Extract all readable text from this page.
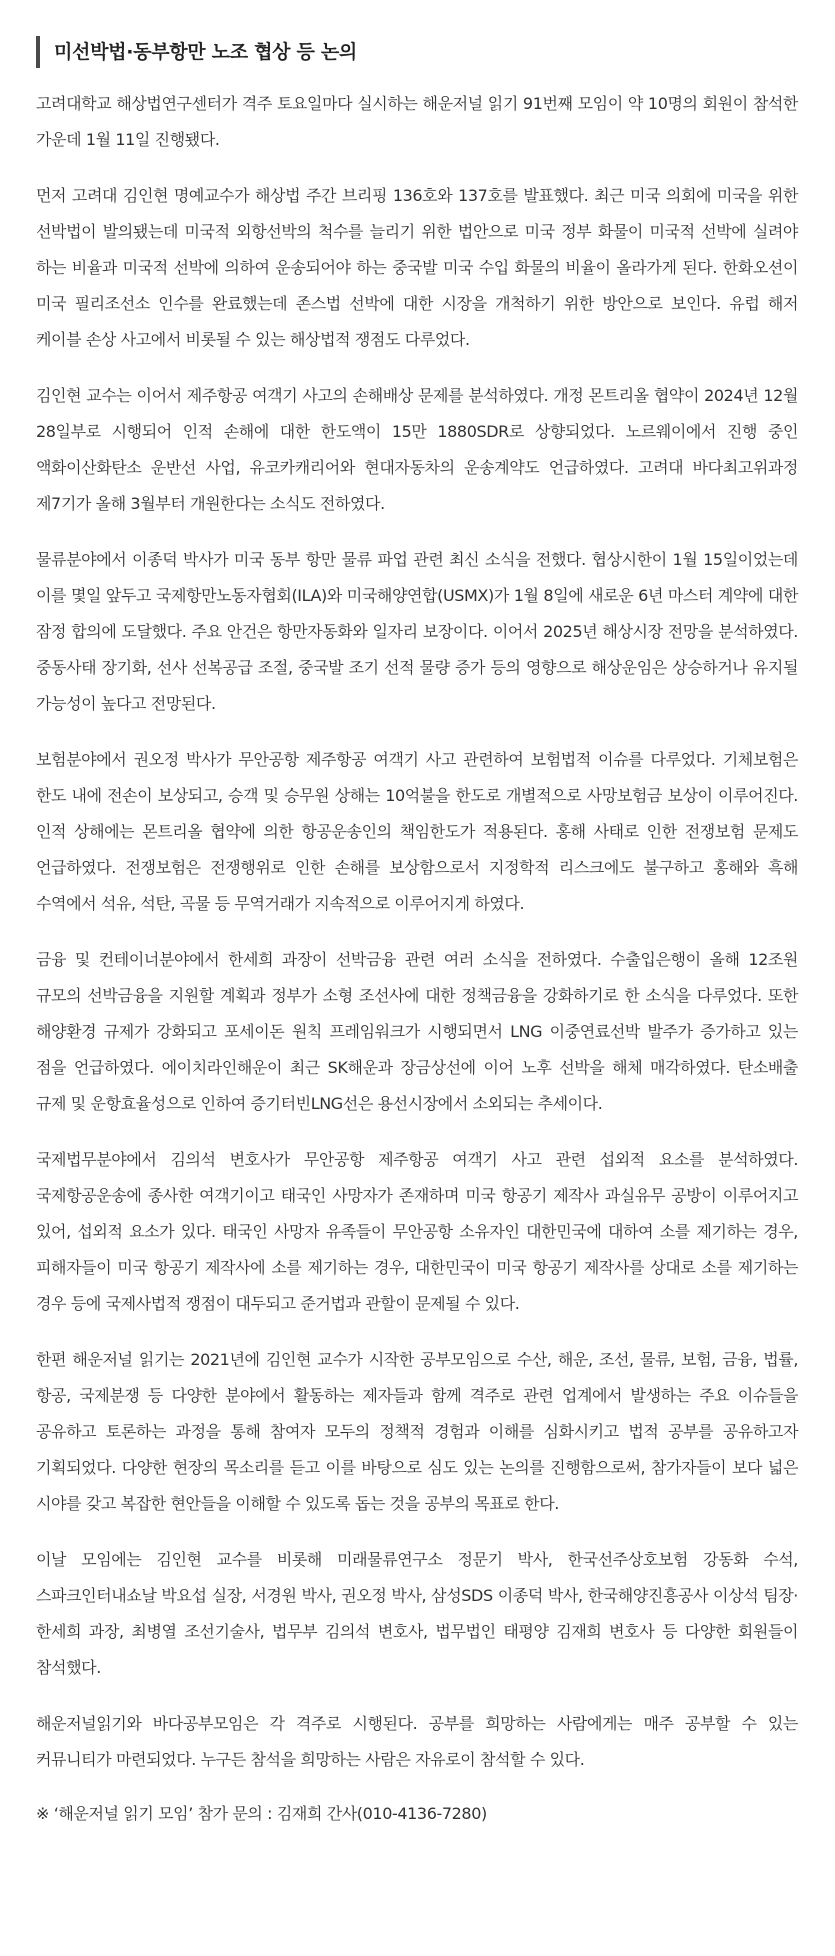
미선박법·동부항만 노조 협상 등 논의

고려대학교 해상법연구센터가 격주 토요일마다 실시하는 해운저널 읽기 91번째 모임이 약 10명의 회원이 참석한 가운데 1월 11일 진행됐다.

먼저 고려대 김인현 명예교수가 해상법 주간 브리핑 136호와 137호를 발표했다. 최근 미국 의회에 미국을 위한 선박법이 발의됐는데 미국적 외항선박의 척수를 늘리기 위한 법안으로 미국 정부 화물이 미국적 선박에 실려야 하는 비율과 미국적 선박에 의하여 운송되어야 하는 중국발 미국 수입 화물의 비율이 올라가게 된다. 한화오션이 미국 필리조선소 인수를 완료했는데 존스법 선박에 대한 시장을 개척하기 위한 방안으로 보인다. 유럽 해저 케이블 손상 사고에서 비롯될 수 있는 해상법적 쟁점도 다루었다.

김인현 교수는 이어서 제주항공 여객기 사고의 손해배상 문제를 분석하였다. 개정 몬트리올 협약이 2024년 12월 28일부로 시행되어 인적 손해에 대한 한도액이 15만 1880SDR로 상향되었다. 노르웨이에서 진행 중인 액화이산화탄소 운반선 사업, 유코카캐리어와 현대자동차의 운송계약도 언급하였다. 고려대 바다최고위과정 제7기가 올해 3월부터 개원한다는 소식도 전하였다.

물류분야에서 이종덕 박사가 미국 동부 항만 물류 파업 관련 최신 소식을 전했다. 협상시한이 1월 15일이었는데 이를 몇일 앞두고 국제항만노동자협회(ILA)와 미국해양연합(USMX)가 1월 8일에 새로운 6년 마스터 계약에 대한 잠정 합의에 도달했다. 주요 안건은 항만자동화와 일자리 보장이다. 이어서 2025년 해상시장 전망을 분석하였다. 중동사태 장기화, 선사 선복공급 조절, 중국발 조기 선적 물량 증가 등의 영향으로 해상운임은 상승하거나 유지될 가능성이 높다고 전망된다.

보험분야에서 권오정 박사가 무안공항 제주항공 여객기 사고 관련하여 보험법적 이슈를 다루었다. 기체보험은 한도 내에 전손이 보상되고, 승객 및 승무원 상해는 10억불을 한도로 개별적으로 사망보험금 보상이 이루어진다. 인적 상해에는 몬트리올 협약에 의한 항공운송인의 책임한도가 적용된다. 홍해 사태로 인한 전쟁보험 문제도 언급하였다. 전쟁보험은 전쟁행위로 인한 손해를 보상함으로서 지정학적 리스크에도 불구하고 홍해와 흑해 수역에서 석유, 석탄, 곡물 등 무역거래가 지속적으로 이루어지게 하였다.

금융 및 컨테이너분야에서 한세희 과장이 선박금융 관련 여러 소식을 전하였다. 수출입은행이 올해 12조원 규모의 선박금융을 지원할 계획과 정부가 소형 조선사에 대한 정책금융을 강화하기로 한 소식을 다루었다. 또한 해양환경 규제가 강화되고 포세이돈 원칙 프레임워크가 시행되면서 LNG 이중연료선박 발주가 증가하고 있는 점을 언급하였다. 에이치라인해운이 최근 SK해운과 장금상선에 이어 노후 선박을 해체 매각하였다. 탄소배출 규제 및 운항효율성으로 인하여 증기터빈LNG선은 용선시장에서 소외되는 추세이다.

국제법무분야에서 김의석 변호사가 무안공항 제주항공 여객기 사고 관련 섭외적 요소를 분석하였다. 국제항공운송에 종사한 여객기이고 태국인 사망자가 존재하며 미국 항공기 제작사 과실유무 공방이 이루어지고 있어, 섭외적 요소가 있다. 태국인 사망자 유족들이 무안공항 소유자인 대한민국에 대하여 소를 제기하는 경우, 피해자들이 미국 항공기 제작사에 소를 제기하는 경우, 대한민국이 미국 항공기 제작사를 상대로 소를 제기하는 경우 등에 국제사법적 쟁점이 대두되고 준거법과 관할이 문제될 수 있다.

한편 해운저널 읽기는 2021년에 김인현 교수가 시작한 공부모임으로 수산, 해운, 조선, 물류, 보험, 금융, 법률, 항공, 국제분쟁 등 다양한 분야에서 활동하는 제자들과 함께 격주로 관련 업계에서 발생하는 주요 이슈들을 공유하고 토론하는 과정을 통해 참여자 모두의 정책적 경험과 이해를 심화시키고 법적 공부를 공유하고자 기획되었다. 다양한 현장의 목소리를 듣고 이를 바탕으로 심도 있는 논의를 진행함으로써, 참가자들이 보다 넓은 시야를 갖고 복잡한 현안들을 이해할 수 있도록 돕는 것을 공부의 목표로 한다.

이날 모임에는 김인현 교수를 비롯해 미래물류연구소 정문기 박사, 한국선주상호보험 강동화 수석, 스파크인터내쇼날 박요섭 실장, 서경원 박사, 권오정 박사, 삼성SDS 이종덕 박사, 한국해양진흥공사 이상석 팀장·한세희 과장, 최병열 조선기술사, 법무부 김의석 변호사, 법무법인 태평양 김재희 변호사 등 다양한 회원들이 참석했다.

해운저널읽기와 바다공부모임은 각 격주로 시행된다. 공부를 희망하는 사람에게는 매주 공부할 수 있는 커뮤니티가 마련되었다. 누구든 참석을 희망하는 사람은 자유로이 참석할 수 있다.

※ ‘해운저널 읽기 모임’ 참가 문의 : 김재희 간사(010-4136-7280)
